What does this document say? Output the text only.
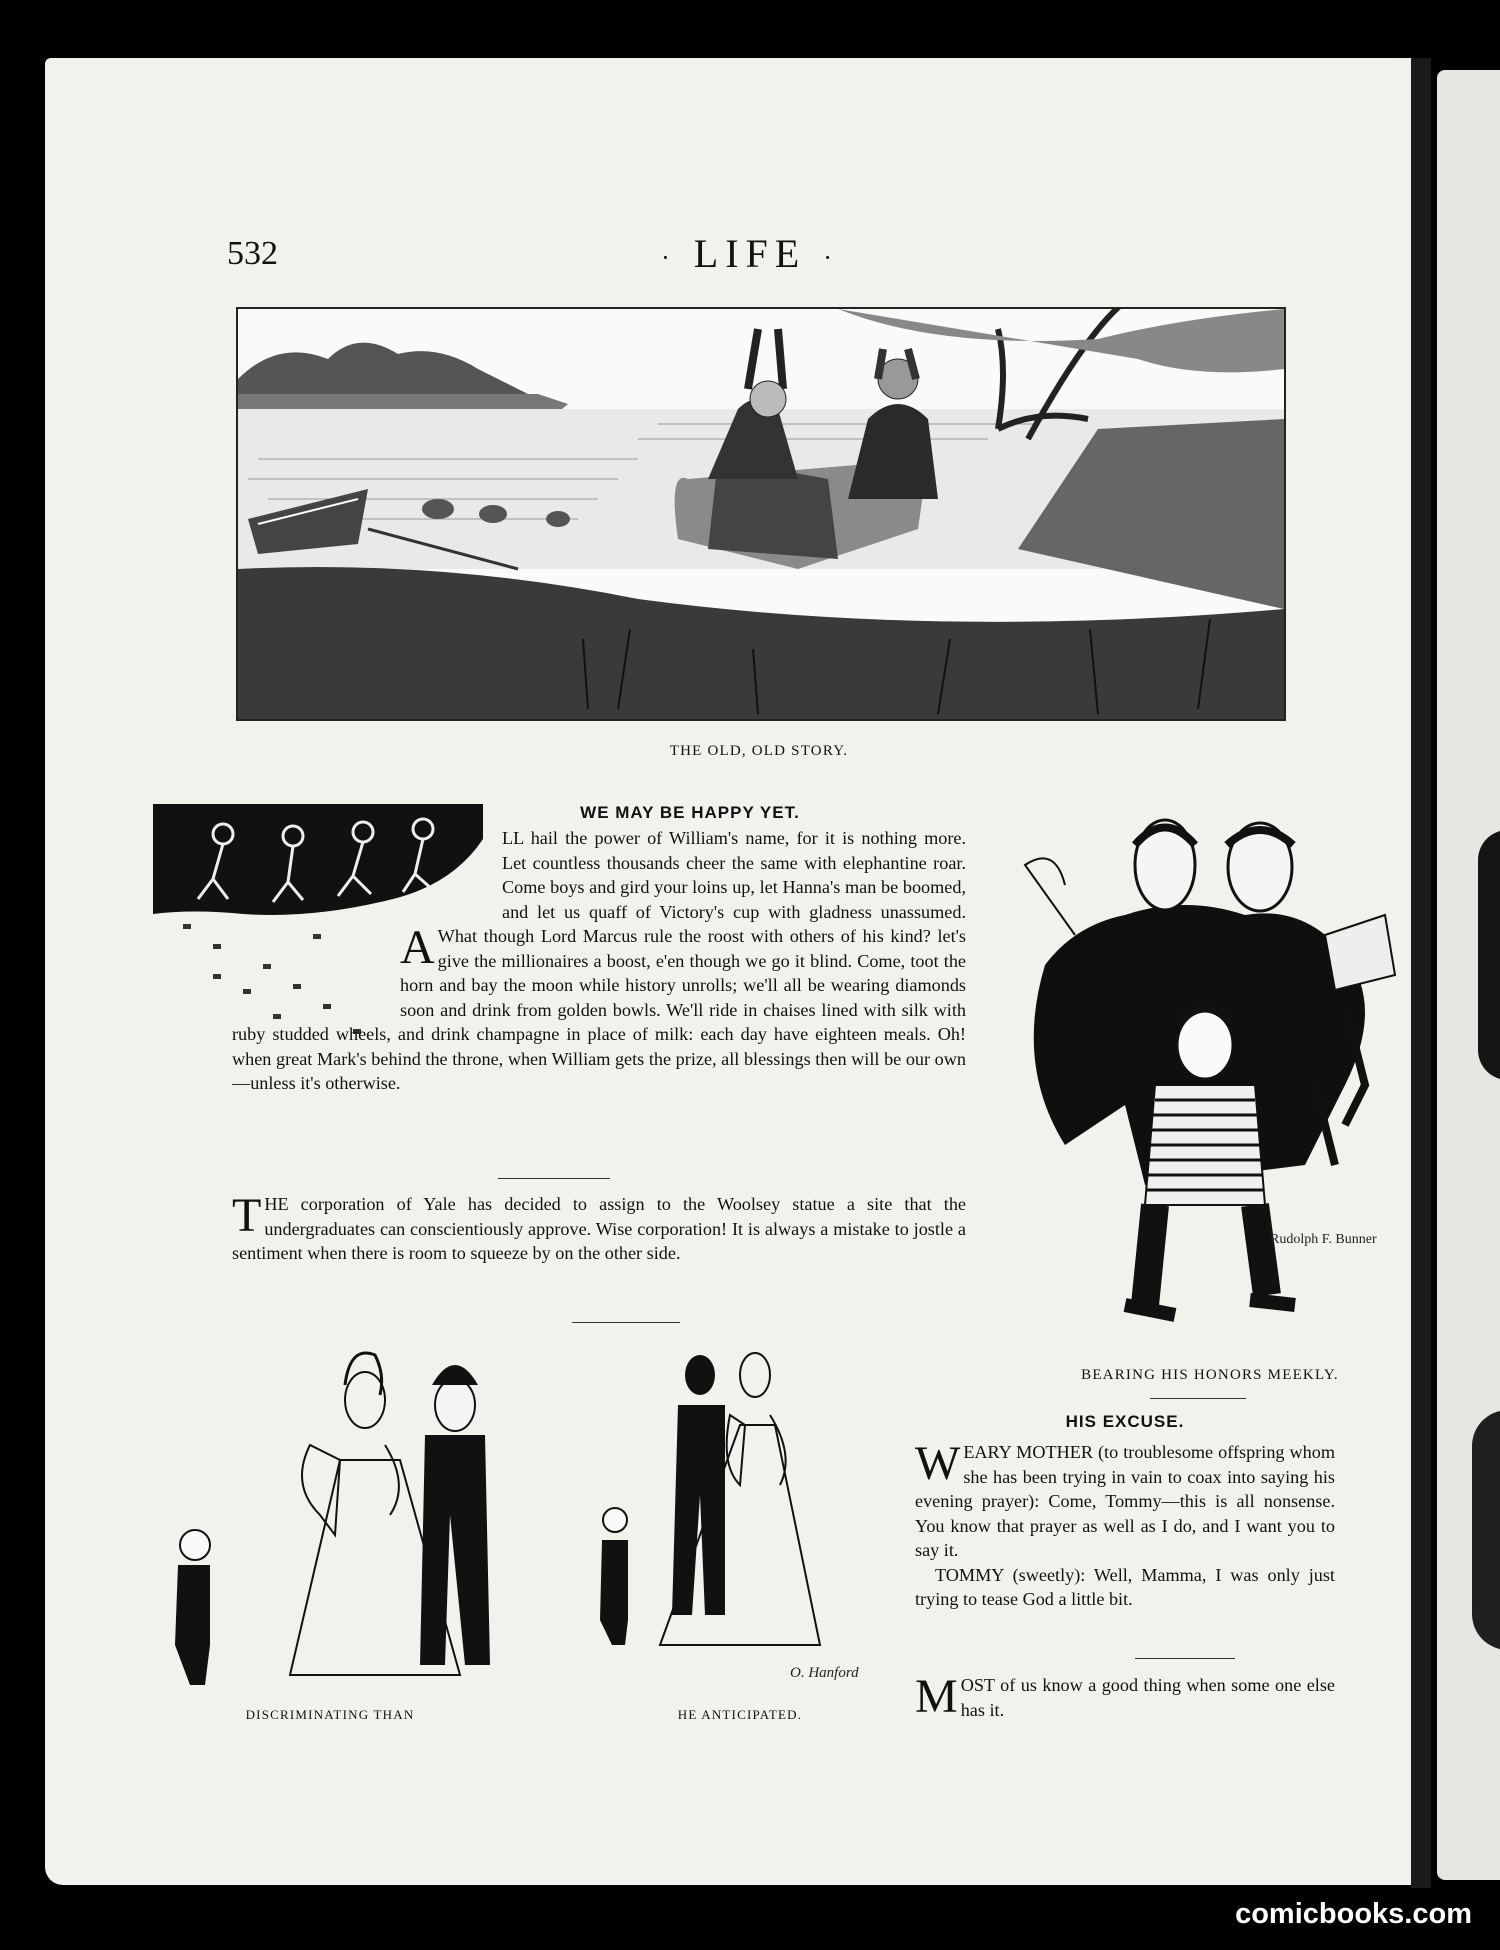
532	· LIFE ·
THE OLD, OLD STORY.
WE MAY BE HAPPY YET.
A
LL hail the power of William's name, for it is nothing more. Let countless thousands cheer the same with elephantine roar. Come boys and gird your loins up, let Hanna's man be boomed, and let us quaff of Victory's cup with gladness unassumed. What though Lord Marcus rule the roost with others of his kind? let's give the millionaires a boost, e'en though we go it blind. Come, toot the horn and bay the moon while history unrolls; we'll all be wearing diamonds soon and drink from golden bowls. We'll ride in chaises lined with silk with ruby studded wheels, and drink champagne in place of milk: each day have eighteen meals. Oh! when great Mark's behind the throne, when William gets the prize, all blessings then will be our own—unless it's otherwise.
T HE corporation of Yale has decided to assign to the Woolsey statue a site that the undergraduates can conscientiously approve. Wise corporation! It is always a mistake to jostle a sentiment when there is room to squeeze by on the other side.
Rudolph F. Bunner
BEARING HIS HONORS MEEKLY.
HIS EXCUSE.
W EARY MOTHER (to troublesome offspring whom she has been trying in vain to coax into saying his evening prayer): Come, Tommy—this is all nonsense. You know that prayer as well as I do, and I want you to say it.
TOMMY (sweetly): Well, Mamma, I was only just trying to tease God a little bit.
M OST of us know a good thing when some one else has it.
DISCRIMINATING THAN
O. Hanford
HE ANTICIPATED.
comicbooks.com
